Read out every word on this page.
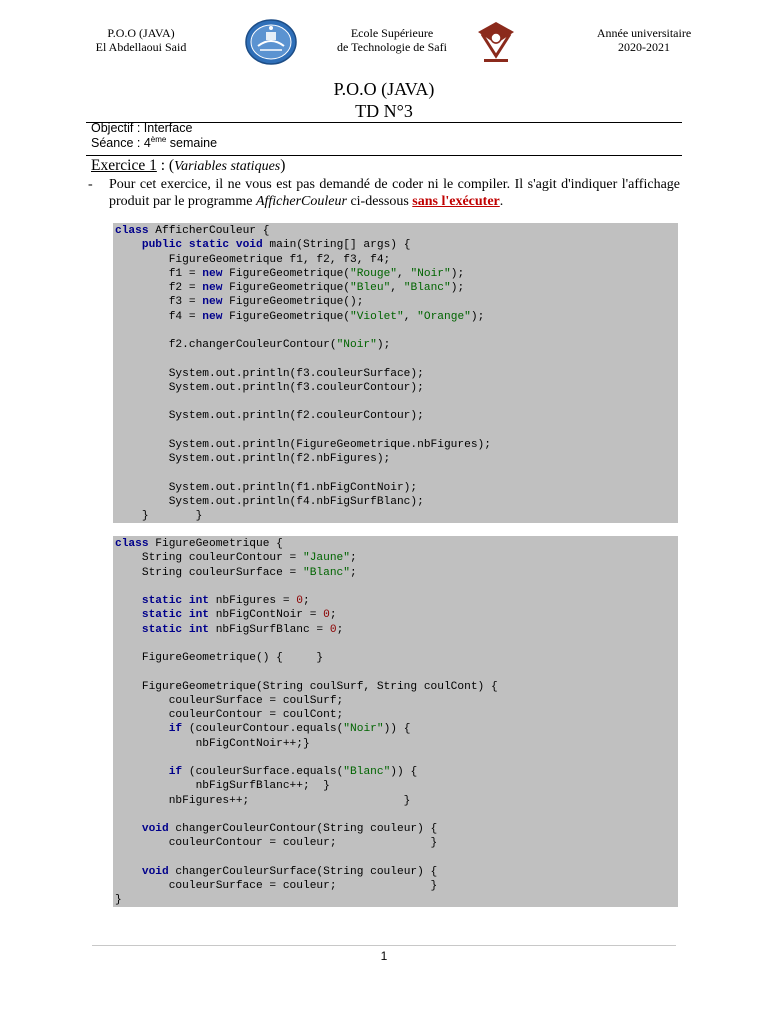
P.O.O (JAVA)
El Abdellaoui Said
Ecole Supérieure
de Technologie de Safi
Année universitaire
2020-2021
P.O.O (JAVA)
TD N°3
Objectif : Interface
Séance : 4ème semaine
Exercice 1 : (Variables statiques)
- Pour cet exercice, il ne vous est pas demandé de coder ni le compiler. Il s'agit d'indiquer l'affichage produit par le programme AfficherCouleur ci-dessous sans l'exécuter.
class AfficherCouleur {
public static void main(String[] args) {
FigureGeometrique f1, f2, f3, f4;
f1 = new FigureGeometrique("Rouge", "Noir");
f2 = new FigureGeometrique("Bleu", "Blanc");
f3 = new FigureGeometrique();
f4 = new FigureGeometrique("Violet", "Orange");

f2.changerCouleurContour("Noir");

System.out.println(f3.couleurSurface);
System.out.println(f3.couleurContour);

System.out.println(f2.couleurContour);

System.out.println(FigureGeometrique.nbFigures);
System.out.println(f2.nbFigures);

System.out.println(f1.nbFigContNoir);
System.out.println(f4.nbFigSurfBlanc);
}       }
class FigureGeometrique {
String couleurContour = "Jaune";
String couleurSurface = "Blanc";

static int nbFigures = 0;
static int nbFigContNoir = 0;
static int nbFigSurfBlanc = 0;

FigureGeometrique() {     }

FigureGeometrique(String coulSurf, String coulCont) {
couleurSurface = coulSurf;
couleurContour = coulCont;
if (couleurContour.equals("Noir")) {
nbFigContNoir++;}

if (couleurSurface.equals("Blanc")) {
nbFigSurfBlanc++;  }
nbFigures++;                       }

void changerCouleurContour(String couleur) {
couleurContour = couleur;              }

void changerCouleurSurface(String couleur) {
couleurSurface = couleur;              }
}
1
